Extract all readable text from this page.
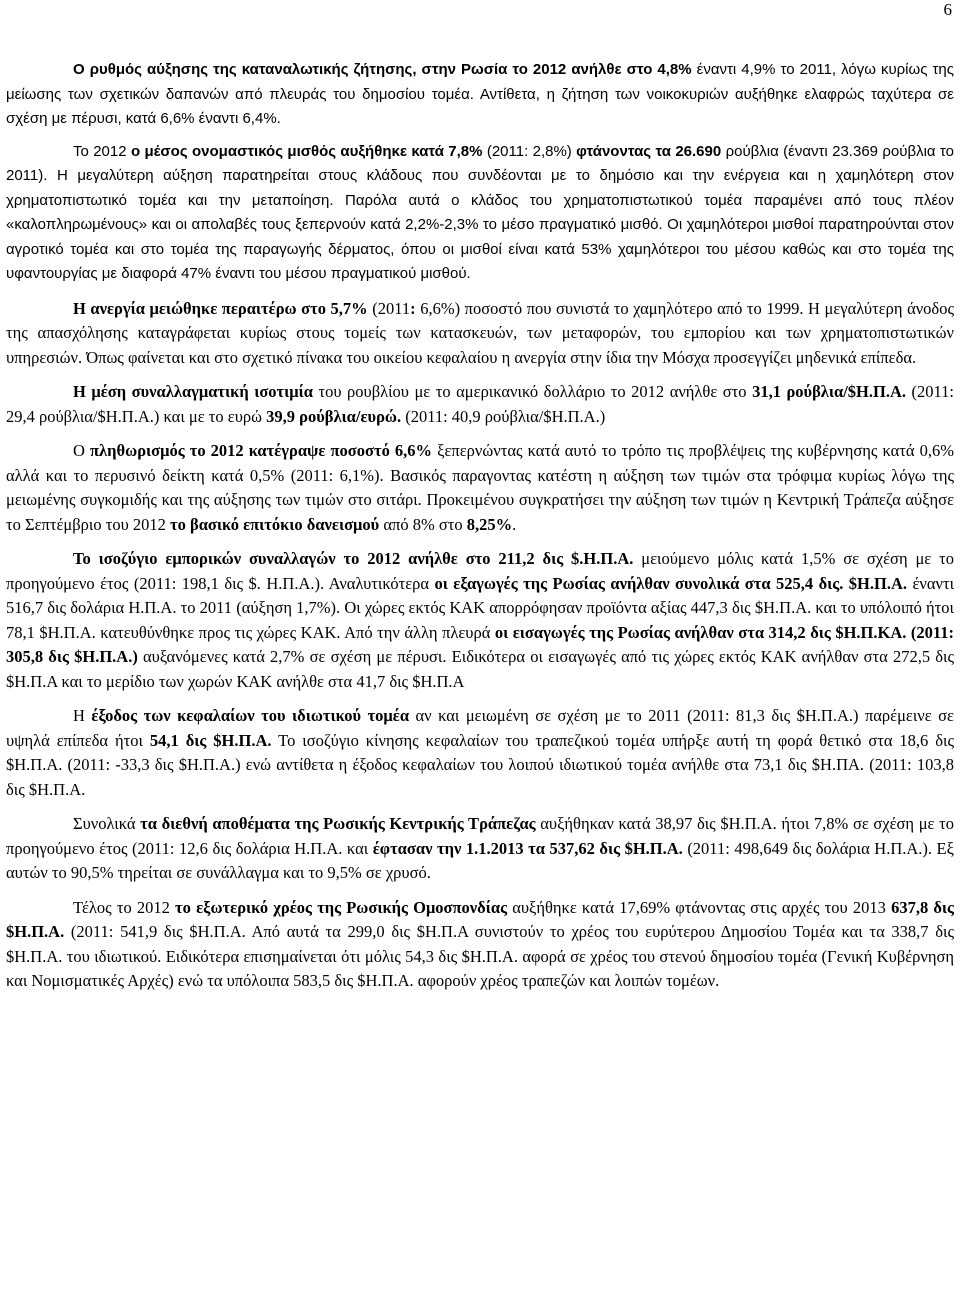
6

Ο ρυθμός αύξησης της καταναλωτικής ζήτησης, στην Ρωσία το 2012 ανήλθε στο 4,8% έναντι 4,9% το 2011, λόγω κυρίως της μείωσης των σχετικών δαπανών από πλευράς του δημοσίου τομέα. Αντίθετα, η ζήτηση των νοικοκυριών αυξήθηκε ελαφρώς ταχύτερα σε σχέση με πέρυσι, κατά 6,6% έναντι 6,4%.

Το 2012 ο μέσος ονομαστικός μισθός αυξήθηκε κατά 7,8% (2011: 2,8%) φτάνοντας τα 26.690 ρούβλια (έναντι 23.369 ρούβλια το 2011). Η μεγαλύτερη αύξηση παρατηρείται στους κλάδους που συνδέονται με το δημόσιο και την ενέργεια και η χαμηλότερη στον χρηματοπιστωτικό τομέα και την μεταποίηση. Παρόλα αυτά ο κλάδος του χρηματοπιστωτικού τομέα παραμένει από τους πλέον «καλοπληρωμένους» και οι απολαβές τους ξεπερνούν κατά 2,2%-2,3% το μέσο πραγματικό μισθό. Οι χαμηλότεροι μισθοί παρατηρούνται στον αγροτικό τομέα και στο τομέα της παραγωγής δέρματος, όπου οι μισθοί είναι κατά 53% χαμηλότεροι του μέσου καθώς και στο τομέα της υφαντουργίας με διαφορά 47% έναντι του μέσου πραγματικού μισθού.

Η ανεργία μειώθηκε περαιτέρω στο 5,7% (2011: 6,6%) ποσοστό που συνιστά το χαμηλότερο από το 1999. Η μεγαλύτερη άνοδος της απασχόλησης καταγράφεται κυρίως στους τομείς των κατασκευών, των μεταφορών, του εμπορίου και των χρηματοπιστωτικών υπηρεσιών. Όπως φαίνεται και στο σχετικό πίνακα του οικείου κεφαλαίου η ανεργία στην ίδια την Μόσχα προσεγγίζει μηδενικά επίπεδα.

Η μέση συναλλαγματική ισοτιμία του ρουβλίου με το αμερικανικό δολλάριο το 2012 ανήλθε στο 31,1 ρούβλια/$Η.Π.Α. (2011: 29,4 ρούβλια/$Η.Π.Α.) και με το ευρώ 39,9 ρούβλια/ευρώ. (2011: 40,9 ρούβλια/$Η.Π.Α.)

Ο πληθωρισμός το 2012 κατέγραψε ποσοστό 6,6% ξεπερνώντας κατά αυτό το τρόπο τις προβλέψεις της κυβέρνησης κατά 0,6% αλλά και το περυσινό δείκτη κατά 0,5% (2011: 6,1%). Βασικός παραγοντας κατέστη η αύξηση των τιμών στα τρόφιμα κυρίως λόγω της μειωμένης συγκομιδής και της αύξησης των τιμών στο σιτάρι. Προκειμένου συγκρατήσει την αύξηση των τιμών η Κεντρική Τράπεζα αύξησε το Σεπτέμβριο του 2012 το βασικό επιτόκιο δανεισμού από 8% στο 8,25%.

Το ισοζύγιο εμπορικών συναλλαγών το 2012 ανήλθε στο 211,2 δις $.Η.Π.Α. μειούμενο μόλις κατά 1,5% σε σχέση με το προηγούμενο έτος (2011: 198,1 δις $. Η.Π.Α.). Αναλυτικότερα οι εξαγωγές της Ρωσίας ανήλθαν συνολικά στα 525,4 δις. $Η.Π.Α. έναντι 516,7 δις δολάρια Η.Π.Α. το 2011 (αύξηση 1,7%). Οι χώρες εκτός ΚΑΚ απορρόφησαν προϊόντα αξίας 447,3 δις $Η.Π.Α. και το υπόλοιπό ήτοι 78,1 $Η.Π.Α. κατευθύνθηκε προς τις χώρες ΚΑΚ. Από την άλλη πλευρά οι εισαγωγές της Ρωσίας ανήλθαν στα 314,2 δις $Η.Π.ΚΑ. (2011: 305,8 δις $Η.Π.Α.) αυξανόμενες κατά 2,7% σε σχέση με πέρυσι. Ειδικότερα οι εισαγωγές από τις χώρες εκτός ΚΑΚ ανήλθαν στα 272,5 δις $Η.Π.Α και το μερίδιο των χωρών ΚΑΚ ανήλθε στα 41,7 δις $Η.Π.Α

Η έξοδος των κεφαλαίων του ιδιωτικού τομέα αν και μειωμένη σε σχέση με το 2011 (2011: 81,3 δις $Η.Π.Α.) παρέμεινε σε υψηλά επίπεδα ήτοι 54,1 δις $Η.Π.Α. Το ισοζύγιο κίνησης κεφαλαίων του τραπεζικού τομέα υπήρξε αυτή τη φορά θετικό στα 18,6 δις $Η.Π.Α. (2011: -33,3 δις $Η.Π.Α.) ενώ αντίθετα η έξοδος κεφαλαίων του λοιπού ιδιωτικού τομέα ανήλθε στα 73,1 δις $Η.ΠΑ. (2011: 103,8 δις $Η.Π.Α.

Συνολικά τα διεθνή αποθέματα της Ρωσικής Κεντρικής Τράπεζας αυξήθηκαν κατά 38,97 δις $Η.Π.Α. ήτοι 7,8% σε σχέση με το προηγούμενο έτος (2011: 12,6 δις δολάρια Η.Π.Α. και έφτασαν την 1.1.2013 τα 537,62 δις $Η.Π.Α. (2011: 498,649 δις δολάρια Η.Π.Α.). Εξ αυτών το 90,5% τηρείται σε συνάλλαγμα και το 9,5% σε χρυσό.

Τέλος το 2012 το εξωτερικό χρέος της Ρωσικής Ομοσπονδίας αυξήθηκε κατά 17,69% φτάνοντας στις αρχές του 2013 637,8 δις $Η.Π.Α. (2011: 541,9 δις $Η.Π.Α. Από αυτά τα 299,0 δις $Η.Π.Α συνιστούν το χρέος του ευρύτερου Δημοσίου Τομέα και τα 338,7 δις $Η.Π.Α. του ιδιωτικού. Ειδικότερα επισημαίνεται ότι μόλις 54,3 δις $Η.Π.Α. αφορά σε χρέος του στενού δημοσίου τομέα (Γενική Κυβέρνηση και Νομισματικές Αρχές) ενώ τα υπόλοιπα 583,5 δις $Η.Π.Α. αφορούν χρέος τραπεζών και λοιπών τομέων.
